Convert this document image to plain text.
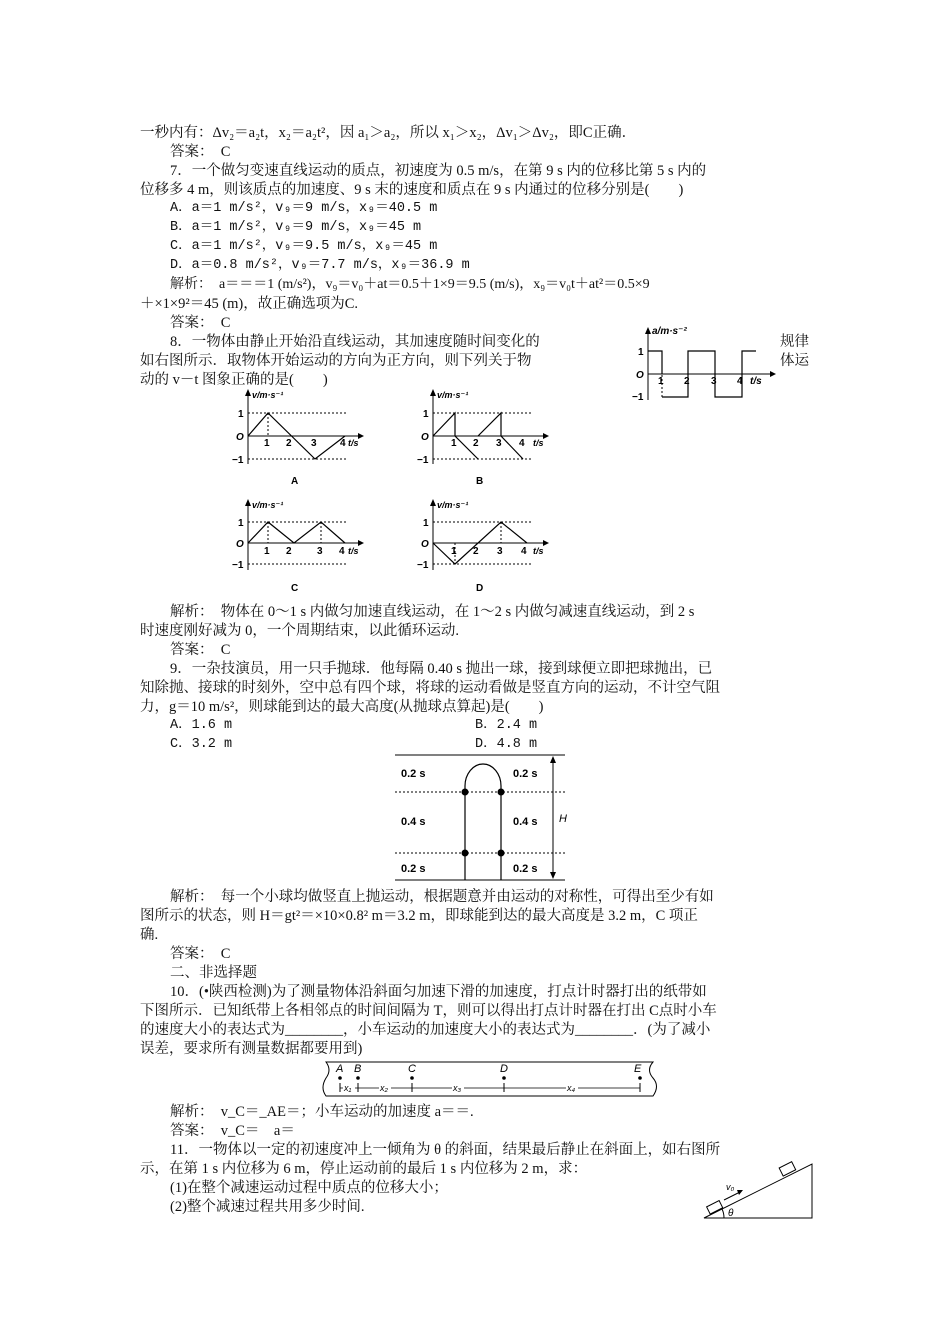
一秒内有：Δv₂＝a₂t，x₂＝a₂t²，因 a₁＞a₂，所以 x₁＞x₂，Δv₁＞Δv₂，即C正确．
答案：　C
7．一个做匀变速直线运动的质点，初速度为 0.5 m/s，在第 9 s 内的位移比第 5 s 内的
位移多 4 m，则该质点的加速度、9 s 末的速度和质点在 9 s 内通过的位移分别是(　　)
A．a＝1 m/s²，v₉＝9 m/s，x₉＝40.5 m
B．a＝1 m/s²，v₉＝9 m/s，x₉＝45 m
C．a＝1 m/s²，v₉＝9.5 m/s，x₉＝45 m
D．a＝0.8 m/s²，v₉＝7.7 m/s，x₉＝36.9 m
解析：　a＝＝＝1 (m/s²)，v₉＝v₀＋at＝0.5＋1×9＝9.5 (m/s)，x₉＝v₀t＋at²＝0.5×9
＋×1×9²＝45 (m)，故正确选项为C.
答案：　C
8．一物体由静止开始沿直线运动，其加速度随时间变化的	规律
如右图所示．取物体开始运动的方向为正方向，则下列关于物	体运
动的 v－t 图象正确的是(　　)
a/m·s⁻²
t/s
O
1
−1
1 2 3 4
v/m·s⁻¹
t/s
O
1
−1
1 2 3 4
A
v/m·s⁻¹
t/s
O
1
−1
1 2 3 4
B
v/m·s⁻¹
t/s
O
1
−1
1 2	3 4
C
v/m·s⁻¹
t/s
O
1
−1
1 2 3 4
D
解析：　物体在 0～1 s 内做匀加速直线运动，在 1～2 s 内做匀减速直线运动，到 2 s
时速度刚好减为 0，一个周期结束，以此循环运动.
答案：　C
9．一杂技演员，用一只手抛球．他每隔 0.40 s 抛出一球，接到球便立即把球抛出，已
知除抛、接球的时刻外，空中总有四个球，将球的运动看做是竖直方向的运动，不计空气阻
力，g＝10 m/s²，则球能到达的最大高度(从抛球点算起)是(　　)
A．1.6 m	B．2.4 m
C．3.2 m	D．4.8 m
0.2 s	0.2 s
0.4 s	0.4 s
0.2 s	0.2 s
H
解析：　每一个小球均做竖直上抛运动，根据题意并由运动的对称性，可得出至少有如
图所示的状态，则 H＝gt²＝×10×0.8² m＝3.2 m，即球能到达的最大高度是 3.2 m，C 项正
确.
答案：　C
二、非选择题
10．(•陕西检测)为了测量物体沿斜面匀加速下滑的加速度，打点计时器打出的纸带如
下图所示．已知纸带上各相邻点的时间间隔为 T，则可以得出打点计时器在打出 C点时小车
的速度大小的表达式为________，小车运动的加速度大小的表达式为________．(为了减小
误差，要求所有测量数据都要用到)
A B	C	D	E
x₁	x₂	x₃	x₄
解析：　v_C＝_AE＝；小车运动的加速度 a＝＝.
答案：　v_C＝　a＝
11．一物体以一定的初速度冲上一倾角为 θ 的斜面，结果最后静止在斜面上，如右图所
示，在第 1 s 内位移为 6 m，停止运动前的最后 1 s 内位移为 2 m，求：
(1)在整个减速运动过程中质点的位移大小；
(2)整个减速过程共用多少时间.
v₀
θ
